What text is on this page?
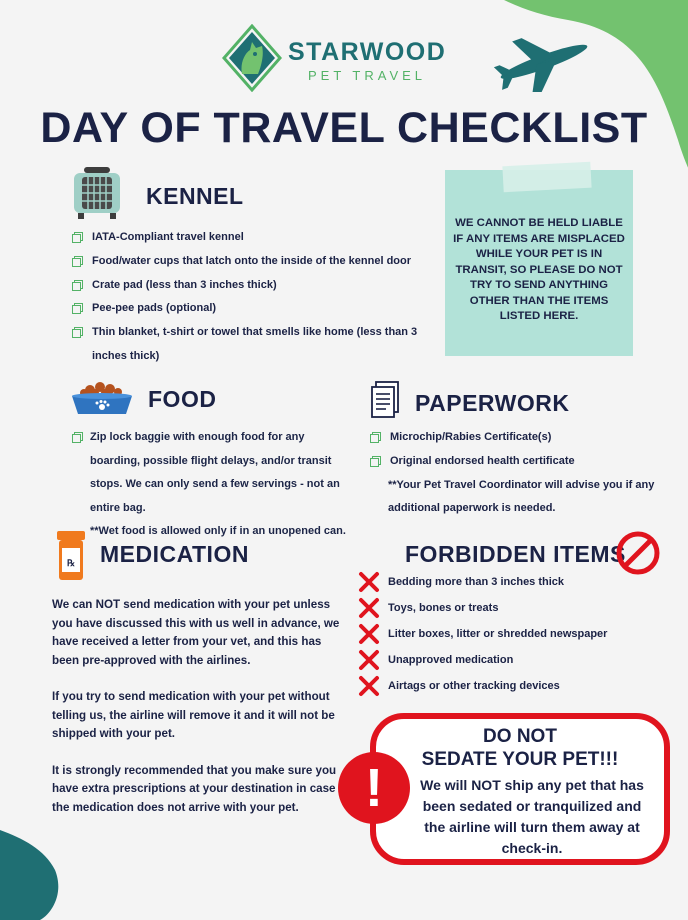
STARWOOD
PET TRAVEL
DAY OF TRAVEL CHECKLIST
KENNEL
IATA-Compliant travel kennel
Food/water cups that latch onto the inside of the kennel door
Crate pad (less than 3 inches thick)
Pee-pee pads (optional)
Thin blanket, t-shirt or towel that smells like home (less than 3 inches thick)
WE CANNOT BE HELD LIABLE IF ANY ITEMS ARE MISPLACED WHILE YOUR PET IS IN TRANSIT, SO PLEASE DO NOT TRY TO SEND ANYTHING OTHER THAN THE ITEMS LISTED HERE.
FOOD
Zip lock baggie with enough food for any boarding, possible flight delays, and/or transit stops. We can only send a few servings - not an entire bag.
**Wet food is allowed only if in an unopened can.
PAPERWORK
Microchip/Rabies Certificate(s)
Original endorsed health certificate
**Your Pet Travel Coordinator will advise you if any additional paperwork is needed.
℞ MEDICATION

We can NOT send medication with your pet unless you have discussed this with us well in advance, we have received a letter from your vet, and this has been pre-approved with the airlines.

If you try to send medication with your pet without telling us, the airline will remove it and it will not be shipped with your pet.

It is strongly recommended that you make sure you have extra prescriptions at your destination in case the medication does not arrive with your pet.

FORBIDDEN ITEMS
Bedding more than 3 inches thick
Toys, bones or treats
Litter boxes, litter or shredded newspaper
Unapproved medication
Airtags or other tracking devices
DO NOT
SEDATE YOUR PET!!!
We will NOT ship any pet that has been sedated or tranquilized and the airline will turn them away at check-in.
!
